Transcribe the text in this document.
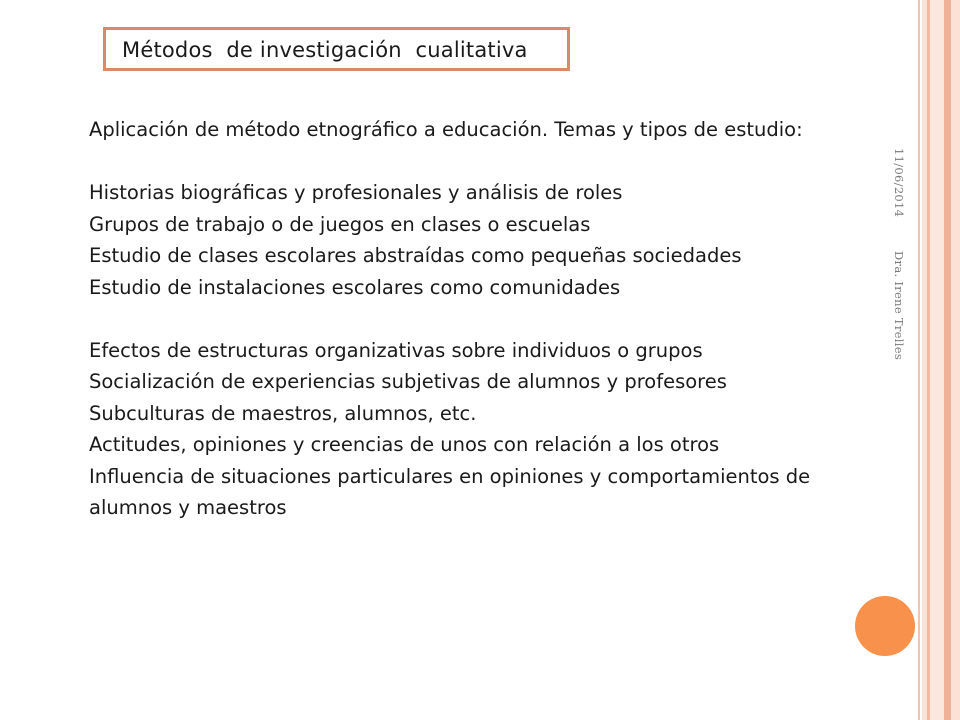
Métodos  de investigación  cualitativa
Aplicación de método etnográfico a educación. Temas y tipos de estudio:
Historias biográficas y profesionales y análisis de roles
Grupos de trabajo o de juegos en clases o escuelas
Estudio de clases escolares abstraídas como pequeñas sociedades
Estudio de instalaciones escolares como comunidades
Efectos de estructuras organizativas sobre individuos o grupos
Socialización de experiencias subjetivas de alumnos y profesores
Subculturas de maestros, alumnos, etc.
Actitudes, opiniones y creencias de unos con relación a los otros
Influencia de situaciones particulares en opiniones y comportamientos de
alumnos y maestros
11/06/2014
Dra. Irene Trelles
